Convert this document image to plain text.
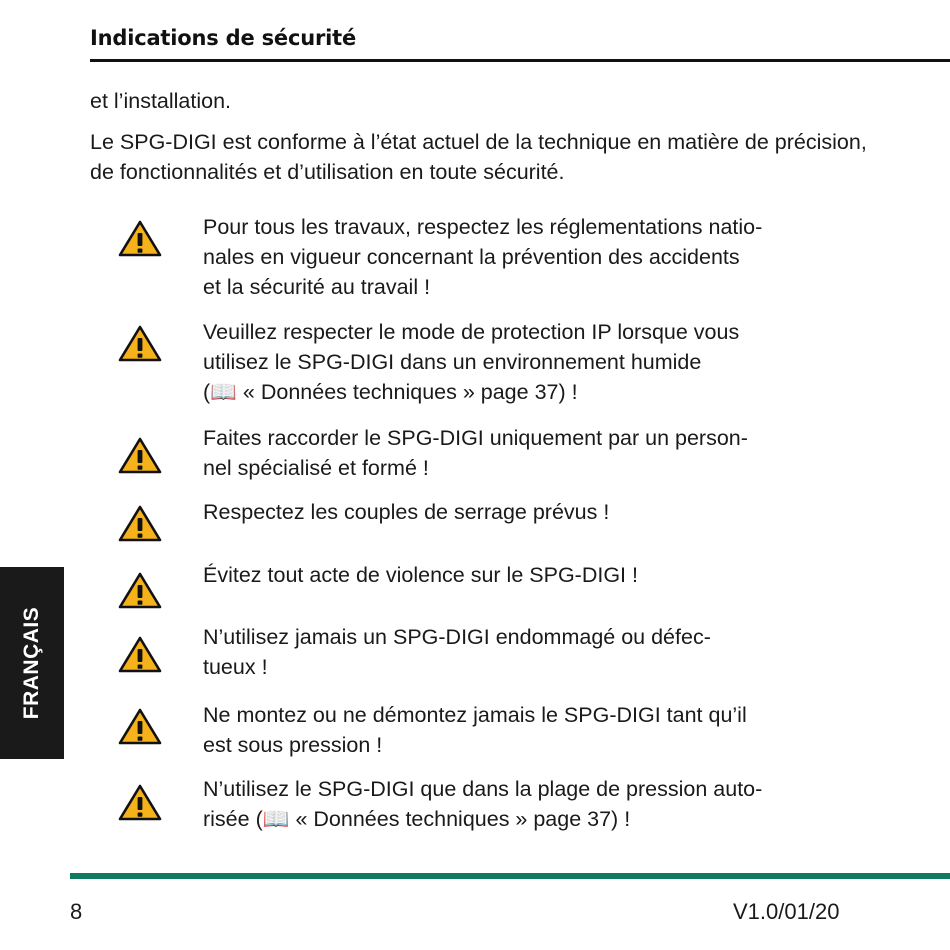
Indications de sécurité

et l’installation.

Le SPG-DIGI est conforme à l’état actuel de la technique en matière de précision, de fonctionnalités et d’utilisation en toute sécurité.

Pour tous les travaux, respectez les réglementations natio-
nales en vigueur concernant la prévention des accidents
et la sécurité au travail !
Veuillez respecter le mode de protection IP lorsque vous
utilisez le SPG-DIGI dans un environnement humide
(📖 « Données techniques » page 37) !
Faites raccorder le SPG-DIGI uniquement par un person-
nel spécialisé et formé !
Respectez les couples de serrage prévus !
Évitez tout acte de violence sur le SPG-DIGI !
N’utilisez jamais un SPG-DIGI endommagé ou défec-
tueux !
Ne montez ou ne démontez jamais le SPG-DIGI tant qu’il
est sous pression !
N’utilisez le SPG-DIGI que dans la plage de pression auto-
risée (📖 « Données techniques » page 37) !
FRANÇAIS
8	V1.0/01/20
